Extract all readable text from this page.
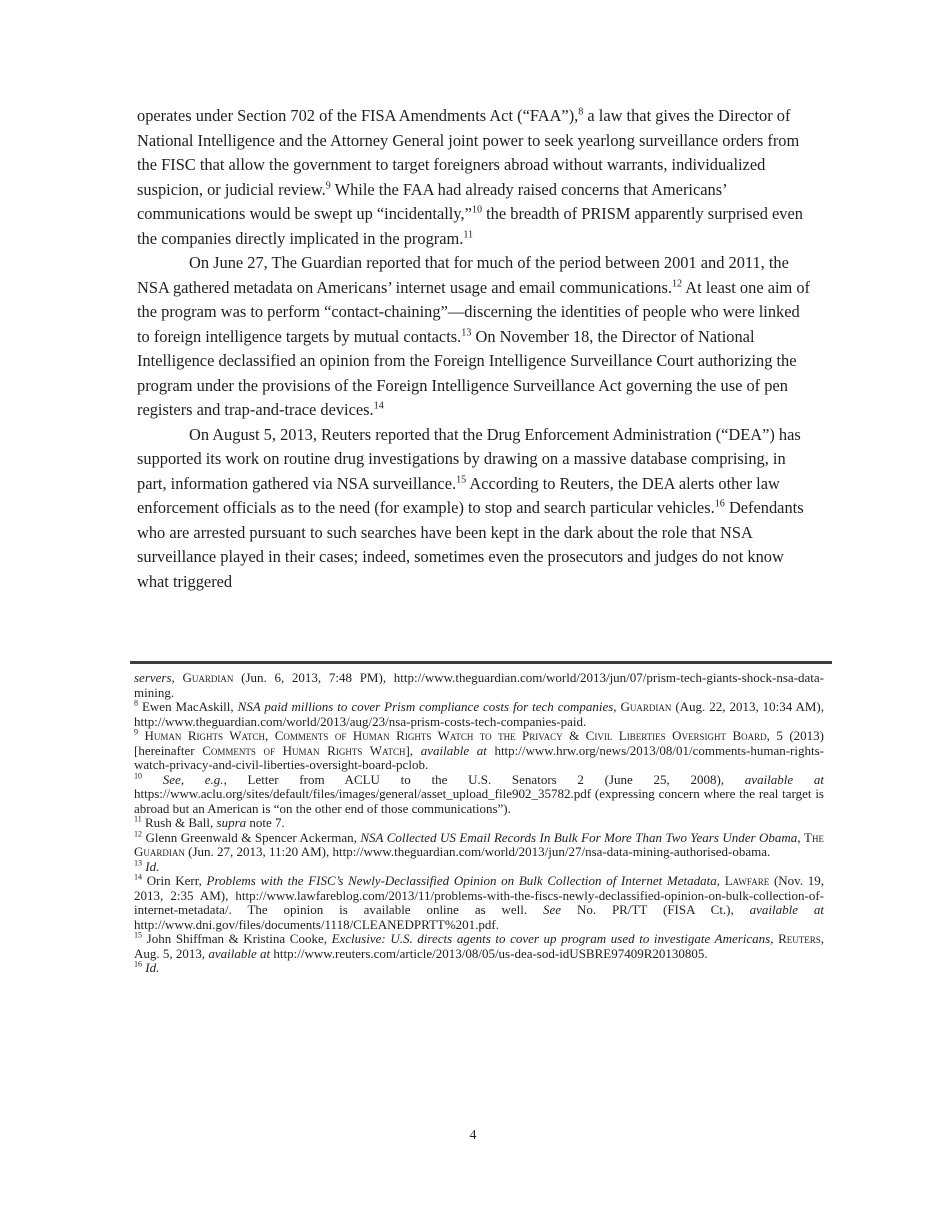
operates under Section 702 of the FISA Amendments Act (“FAA”),$^8$ a law that gives the Director of National Intelligence and the Attorney General joint power to seek yearlong surveillance orders from the FISC that allow the government to target foreigners abroad without warrants, individualized suspicion, or judicial review.$^9$ While the FAA had already raised concerns that Americans’ communications would be swept up “incidentally,”$^{10}$ the breadth of PRISM apparently surprised even the companies directly implicated in the program.$^{11}$

On June 27, The Guardian reported that for much of the period between 2001 and 2011, the NSA gathered metadata on Americans’ internet usage and email communications.$^{12}$ At least one aim of the program was to perform “contact-chaining”—discerning the identities of people who were linked to foreign intelligence targets by mutual contacts.$^{13}$ On November 18, the Director of National Intelligence declassified an opinion from the Foreign Intelligence Surveillance Court authorizing the program under the provisions of the Foreign Intelligence Surveillance Act governing the use of pen registers and trap-and-trace devices.$^{14}$

On August 5, 2013, Reuters reported that the Drug Enforcement Administration (“DEA”) has supported its work on routine drug investigations by drawing on a massive database comprising, in part, information gathered via NSA surveillance.$^{15}$ According to Reuters, the DEA alerts other law enforcement officials as to the need (for example) to stop and search particular vehicles.$^{16}$ Defendants who are arrested pursuant to such searches have been kept in the dark about the role that NSA surveillance played in their cases; indeed, sometimes even the prosecutors and judges do not know what triggered

servers, Guardian (Jun. 6, 2013, 7:48 PM), http://www.theguardian.com/world/2013/jun/07/prism-tech-giants-shock-nsa-data-mining.

$^8$ Ewen MacAskill, NSA paid millions to cover Prism compliance costs for tech companies, Guardian (Aug. 22, 2013, 10:34 AM), http://www.theguardian.com/world/2013/aug/23/nsa-prism-costs-tech-companies-paid.

$^9$ Human Rights Watch, Comments of Human Rights Watch to the Privacy & Civil Liberties Oversight Board, 5 (2013) [hereinafter Comments of Human Rights Watch], available at http://www.hrw.org/news/2013/08/01/comments-human-rights-watch-privacy-and-civil-liberties-oversight-board-pclob.

$^{10}$ See, e.g., Letter from ACLU to the U.S. Senators 2 (June 25, 2008), available at https://www.aclu.org/sites/default/files/images/general/asset_upload_file902_35782.pdf (expressing concern where the real target is abroad but an American is “on the other end of those communications”).

$^{11}$ Rush & Ball, supra note 7.

$^{12}$ Glenn Greenwald & Spencer Ackerman, NSA Collected US Email Records In Bulk For More Than Two Years Under Obama, The Guardian (Jun. 27, 2013, 11:20 AM), http://www.theguardian.com/world/2013/jun/27/nsa-data-mining-authorised-obama.

$^{13}$ Id.

$^{14}$ Orin Kerr, Problems with the FISC’s Newly-Declassified Opinion on Bulk Collection of Internet Metadata, Lawfare (Nov. 19, 2013, 2:35 AM), http://www.lawfareblog.com/2013/11/problems-with-the-fiscs-newly-declassified-opinion-on-bulk-collection-of-internet-metadata/. The opinion is available online as well. See No. PR/TT (FISA Ct.), available at http://www.dni.gov/files/documents/1118/CLEANEDPRTT%201.pdf.

$^{15}$ John Shiffman & Kristina Cooke, Exclusive: U.S. directs agents to cover up program used to investigate Americans, Reuters, Aug. 5, 2013, available at http://www.reuters.com/article/2013/08/05/us-dea-sod-idUSBRE97409R20130805.

$^{16}$ Id.

4
